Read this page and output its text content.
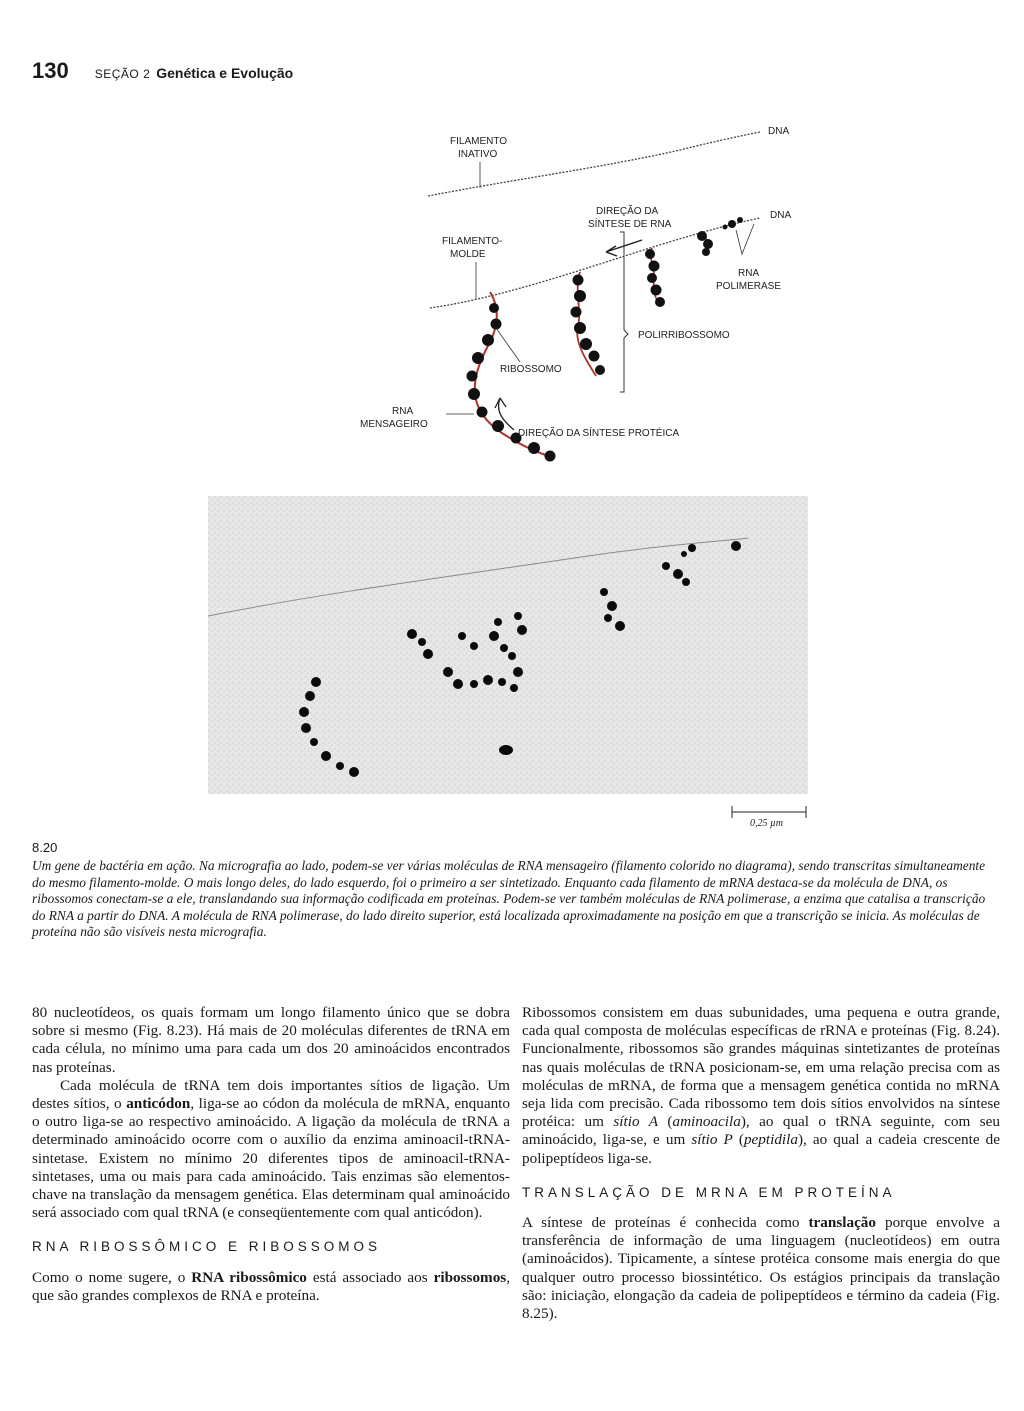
130 SEÇÃO 2 Genética e Evolução
DNA
FILAMENTO
INATIVO
DNA
DIREÇÃO DA
SÍNTESE DE RNA
FILAMENTO-
MOLDE
RNA
POLIMERASE
POLIRRIBOSSOMO
RIBOSSOMO
RNA
MENSAGEIRO
DIREÇÃO DA SÍNTESE PROTÉICA
0,25 µm
8.20
Um gene de bactéria em ação. Na micrografia ao lado, podem-se ver várias moléculas de RNA mensageiro (filamento colorido no diagrama), sendo transcritas simultaneamente do mesmo filamento-molde. O mais longo deles, do lado esquerdo, foi o primeiro a ser sintetizado. Enquanto cada filamento de mRNA destaca-se da molécula de DNA, os ribossomos conectam-se a ele, translandando sua informação codificada em proteínas. Podem-se ver também moléculas de RNA polimerase, a enzima que catalisa a transcrição do RNA a partir do DNA. A molécula de RNA polimerase, do lado direito superior, está localizada aproximadamente na posição em que a transcrição se inicia. As moléculas de proteína não são visíveis nesta micrografia.

80 nucleotídeos, os quais formam um longo filamento único que se dobra sobre si mesmo (Fig. 8.23). Há mais de 20 moléculas diferentes de tRNA em cada célula, no mínimo uma para cada um dos 20 aminoácidos encontrados nas proteínas.

Cada molécula de tRNA tem dois importantes sítios de ligação. Um destes sítios, o anticódon, liga-se ao códon da molécula de mRNA, enquanto o outro liga-se ao respectivo aminoácido. A ligação da molécula de tRNA a determinado aminoácido ocorre com o auxílio da enzima aminoacil-tRNA-sintetase. Existem no mínimo 20 diferentes tipos de aminoacil-tRNA-sintetases, uma ou mais para cada aminoácido. Tais enzimas são elementos-chave na translação da mensagem genética. Elas determinam qual aminoácido será associado com qual tRNA (e conseqüentemente com qual anticódon).

RNA RIBOSSÔMICO E RIBOSSOMOS

Como o nome sugere, o RNA ribossômico está associado aos ribossomos, que são grandes complexos de RNA e proteína.

Ribossomos consistem em duas subunidades, uma pequena e outra grande, cada qual composta de moléculas específicas de rRNA e proteínas (Fig. 8.24). Funcionalmente, ribossomos são grandes máquinas sintetizantes de proteínas nas quais moléculas de tRNA posicionam-se, em uma relação precisa com as moléculas de mRNA, de forma que a mensagem genética contida no mRNA seja lida com precisão. Cada ribossomo tem dois sítios envolvidos na síntese protéica: um sítio A (aminoacila), ao qual o tRNA seguinte, com seu aminoácido, liga-se, e um sítio P (peptidila), ao qual a cadeia crescente de polipeptídeos liga-se.

TRANSLAÇÃO DE MRNA EM PROTEÍNA

A síntese de proteínas é conhecida como translação porque envolve a transferência de informação de uma linguagem (nucleotídeos) em outra (aminoácidos). Tipicamente, a síntese protéica consome mais energia do que qualquer outro processo biossintético. Os estágios principais da translação são: iniciação, elongação da cadeia de polipeptídeos e término da cadeia (Fig. 8.25).
